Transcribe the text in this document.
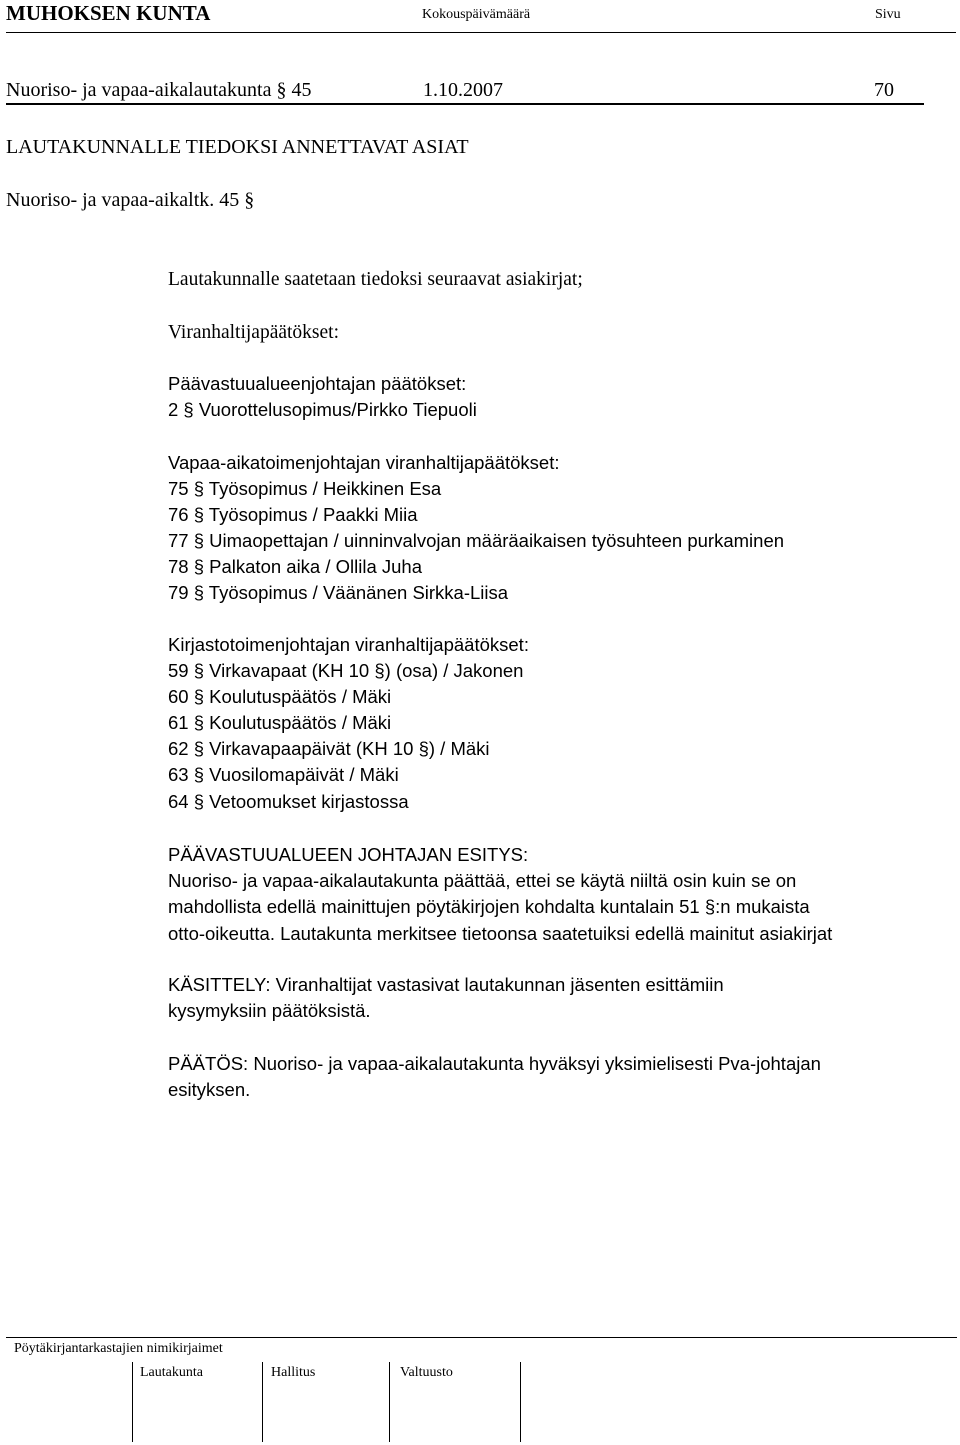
MUHOKSEN KUNTA	Kokouspäivämäärä	Sivu
Nuoriso- ja vapaa-aikalautakunta § 45	1.10.2007	70
LAUTAKUNNALLE TIEDOKSI ANNETTAVAT ASIAT
Nuoriso- ja vapaa-aikaltk. 45 §
Lautakunnalle saatetaan tiedoksi seuraavat asiakirjat;
Viranhaltijapäätökset:
Päävastuualueenjohtajan päätökset:
2 § Vuorottelusopimus/Pirkko Tiepuoli
Vapaa-aikatoimenjohtajan viranhaltijapäätökset:
75 § Työsopimus / Heikkinen Esa
76 § Työsopimus / Paakki Miia
77 § Uimaopettajan / uinninvalvojan määräaikaisen työsuhteen purkaminen
78 § Palkaton aika / Ollila Juha
79 § Työsopimus / Väänänen Sirkka-Liisa
Kirjastotoimenjohtajan viranhaltijapäätökset:
59 § Virkavapaat (KH 10 §) (osa) / Jakonen
60 § Koulutuspäätös / Mäki
61 § Koulutuspäätös / Mäki
62 § Virkavapaapäivät (KH 10 §) / Mäki
63 § Vuosilomapäivät / Mäki
64 § Vetoomukset kirjastossa
PÄÄVASTUUALUEEN JOHTAJAN ESITYS:
Nuoriso- ja vapaa-aikalautakunta päättää, ettei se käytä niiltä osin kuin se on
mahdollista edellä mainittujen pöytäkirjojen kohdalta kuntalain 51 §:n mukaista
otto-oikeutta. Lautakunta merkitsee tietoonsa saatetuiksi edellä mainitut asiakirjat
KÄSITTELY: Viranhaltijat vastasivat lautakunnan jäsenten esittämiin
kysymyksiin päätöksistä.
PÄÄTÖS: Nuoriso- ja vapaa-aikalautakunta hyväksyi yksimielisesti Pva-johtajan
esityksen.
Pöytäkirjantarkastajien nimikirjaimet
Lautakunta	Hallitus	Valtuusto
